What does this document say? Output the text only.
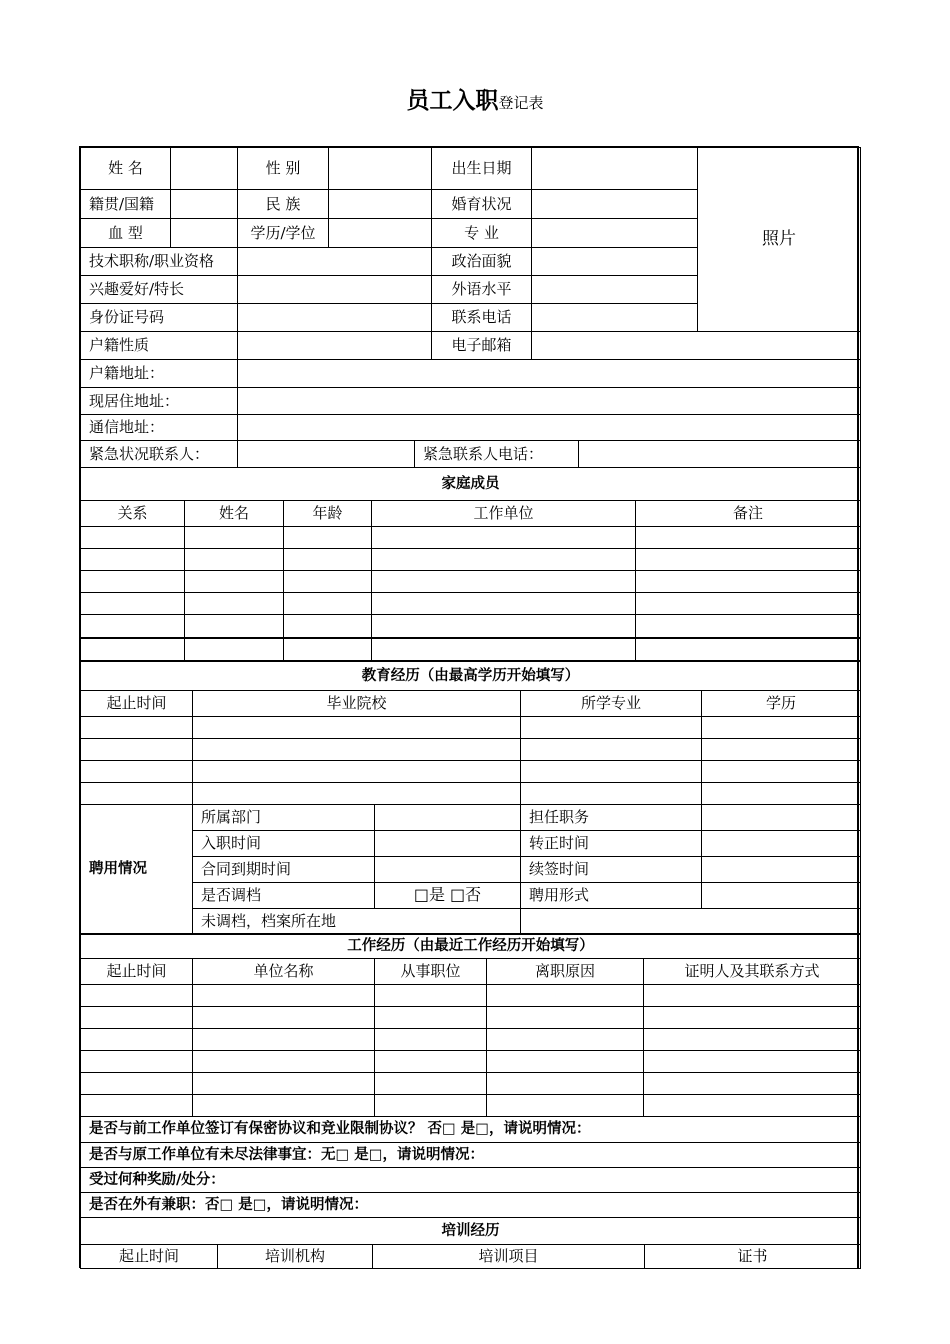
员工入职登记表
姓 名		性 别		出生日期		照片
籍贯/国籍		民 族		婚育状况		
血 型		学历/学位		专 业		
技术职称/职业资格				政治面貌		
兴趣爱好/特长				外语水平		
身份证号码				联系电话		
户籍性质				电子邮箱		
户籍地址：						
现居住地址：						
通信地址：						
紧急状况联系人：		紧急联系人电话：	
家庭成员				
关系	姓名	年龄	工作单位	备注

教育经历（由最高学历开始填写）				
起止时间	毕业院校		所学专业	学历

聘用情况	所属部门		担任职务	
	入职时间		转正时间	
	合同到期时间		续签时间	
	是否调档	□是 □否	聘用形式	
	未调档，档案所在地			
工作经历（由最近工作经历开始填写）				
起止时间	单位名称	从事职位	离职原因	证明人及其联系方式

是否与前工作单位签订有保密协议和竞业限制协议？ 否□ 是□，请说明情况：
是否与原工作单位有未尽法律事宜：无□ 是□，请说明情况：
受过何种奖励/处分：
是否在外有兼职：否□ 是□，请说明情况：
培训经历
起止时间	培训机构	培训项目	证书
